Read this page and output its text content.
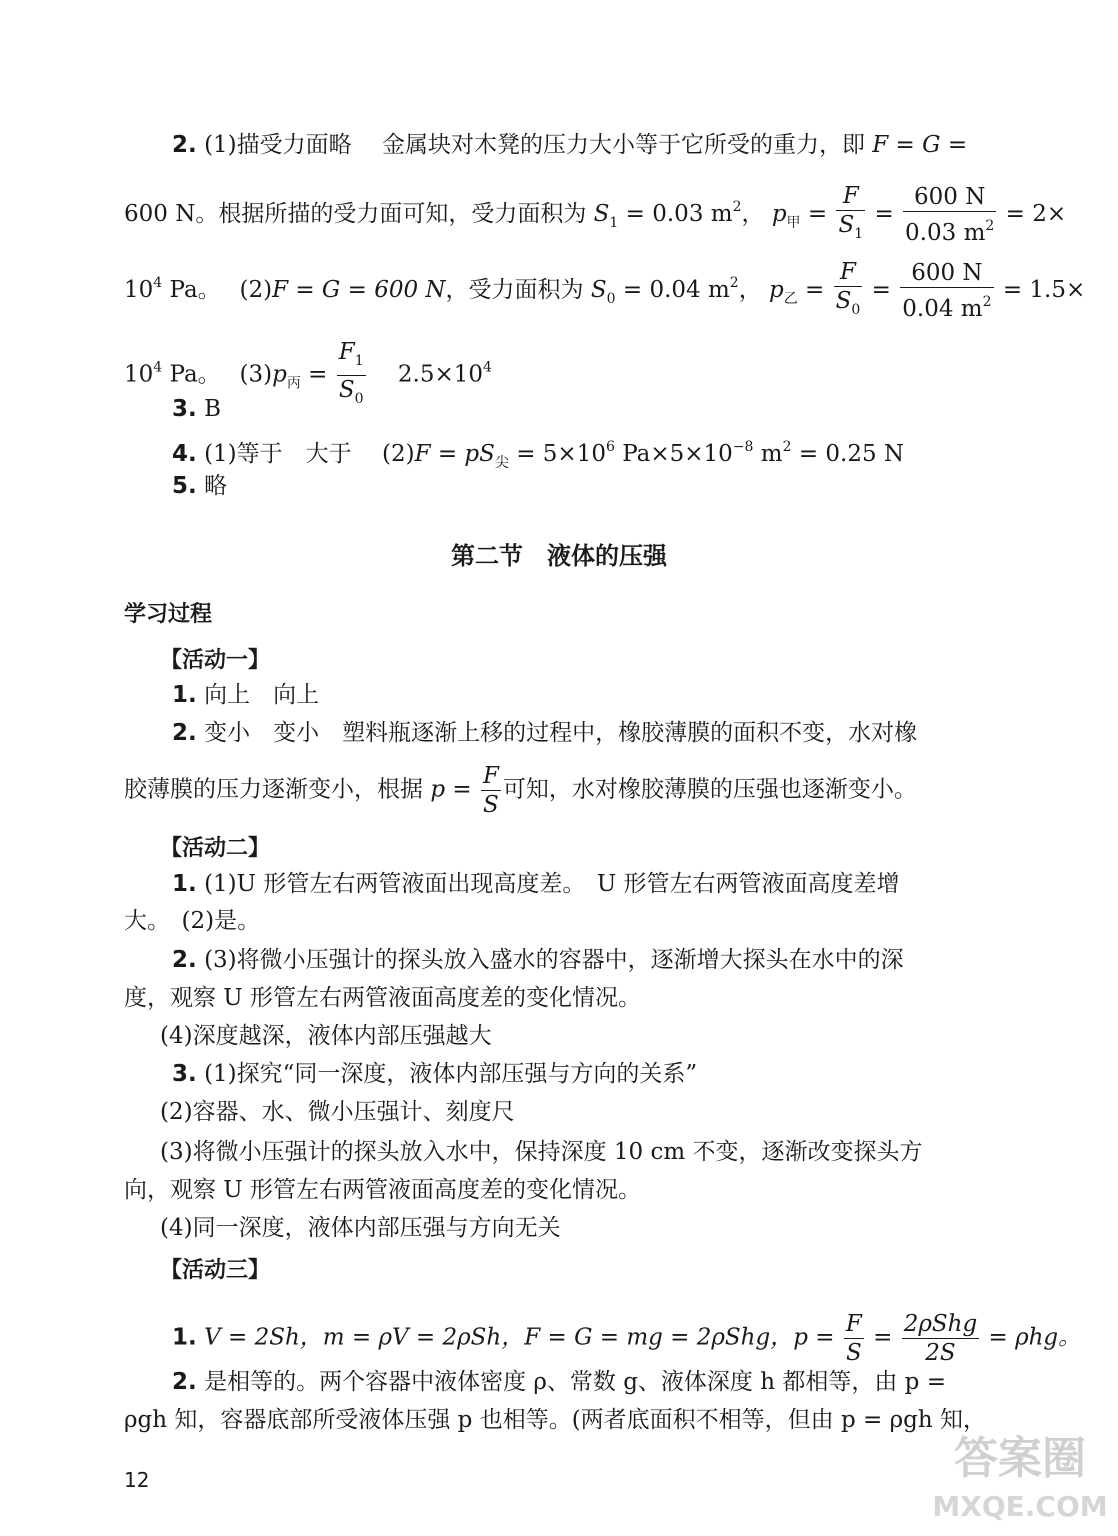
2. (1)描受力面略　 金属块对木凳的压力大小等于它所受的重力，即 F = G =
600 N。根据所描的受力面可知，受力面积为 $S_1 = 0.03$ $m^2$， $p_甲 = \frac{F}{S_1} = \frac{600 N}{0.03 m^2} = 2\times$
$10^4$ Pa。　 (2)F = G = 600 N，受力面积为 $S_0 = 0.04$ $m^2$， $p_乙 = \frac{F}{S_0} = \frac{600 N}{0.04 m^2} = 1.5\times$
$10^4$ Pa。　 $(3)p_丙 = \frac{F_1}{S_0}$
　 $2.5\times 10^4$
3. B
4. (1)等于　大于　 $(2)F = pS_尖 = 5\times 10^6$ $Pa\times 5\times 10^{-8}$ $m^2 = 0.25$ N
5. 略
第二节　液体的压强
学习过程
【活动一】
1. 向上　向上
2. 变小　变小　塑料瓶逐渐上移的过程中，橡胶薄膜的面积不变，水对橡
胶薄膜的压力逐渐变小，根据 $p = \frac{F}{S}$ 可知，水对橡胶薄膜的压强也逐渐变小。
【活动二】
1. (1)U 形管左右两管液面出现高度差。　U 形管左右两管液面高度差增
大。　(2)是。
2. (3)将微小压强计的探头放入盛水的容器中，逐渐增大探头在水中的深
度，观察 U 形管左右两管液面高度差的变化情况。
(4)深度越深，液体内部压强越大
3. (1)探究“同一深度，液体内部压强与方向的关系”
(2)容器、水、微小压强计、刻度尺
(3)将微小压强计的探头放入水中，保持深度 10 cm 不变，逐渐改变探头方
向，观察 U 形管左右两管液面高度差的变化情况。
(4)同一深度，液体内部压强与方向无关
【活动三】
1. V = 2Sh，m = ρV = 2ρSh，F = G = mg = 2ρShg，$p = \frac{F}{S} = \frac{\text{2ρShg}}{2S} = \rho hg$。
2. 是相等的。两个容器中液体密度 ρ、常数 g、液体深度 h 都相等，由 p =
ρgh 知，容器底部所受液体压强 p 也相等。(两者底面积不相等，但由 p = ρgh 知，
12	答案圈
MXQE.COM
